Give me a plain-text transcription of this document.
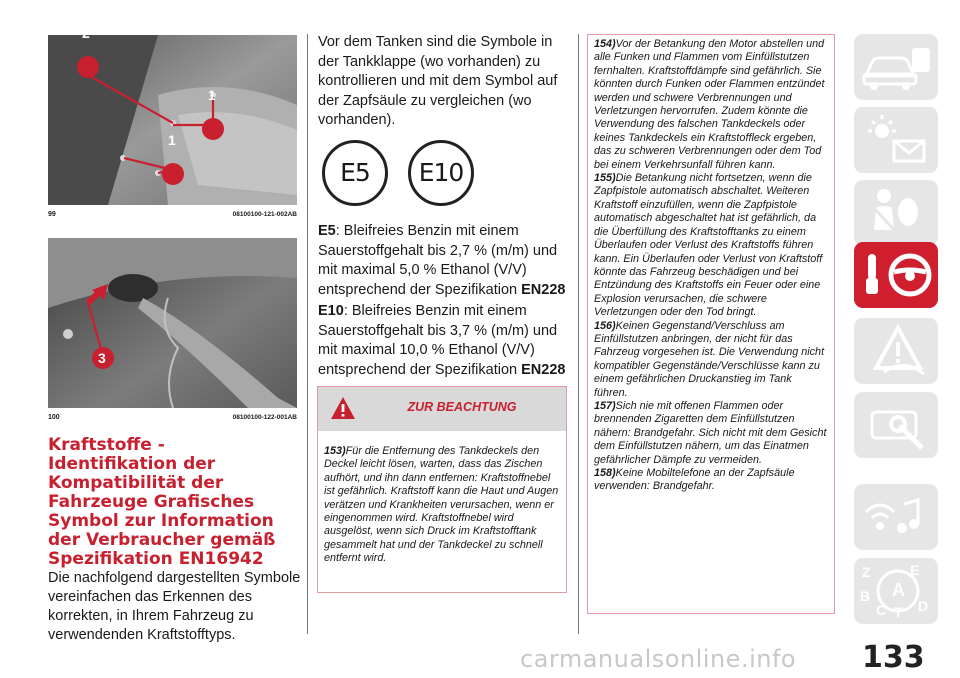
2
1
1
99	08100100-121-002AB
3
100	08100100-122-001AB
Kraftstoffe -
Identifikation der
Kompatibilität der
Fahrzeuge Grafisches
Symbol zur Information
der Verbraucher gemäß
Spezifikation EN16942

Die nachfolgend dargestellten Symbole vereinfachen das Erkennen des korrekten, in Ihrem Fahrzeug zu verwendenden Kraftstofftyps.

Vor dem Tanken sind die Symbole in der Tankklappe (wo vorhanden) zu kontrollieren und mit dem Symbol auf der Zapfsäule zu vergleichen (wo vorhanden).

E5	E10

E5: Bleifreies Benzin mit einem Sauerstoffgehalt bis 2,7 % (m/m) und mit maximal 5,0 % Ethanol (V/V) entsprechend der Spezifikation EN228

E10: Bleifreies Benzin mit einem Sauerstoffgehalt bis 3,7 % (m/m) und mit maximal 10,0 % Ethanol (V/V) entsprechend der Spezifikation EN228

ZUR BEACHTUNG

153)Für die Entfernung des Tankdeckels den Deckel leicht lösen, warten, dass das Zischen aufhört, und ihn dann entfernen: Kraftstoffnebel ist gefährlich. Kraftstoff kann die Haut und Augen verätzen und Krankheiten verursachen, wenn er eingenommen wird. Kraftstoffnebel wird ausgelöst, wenn sich Druck im Kraftstofftank gesammelt hat und der Tankdeckel zu schnell entfernt wird.

154)Vor der Betankung den Motor abstellen und alle Funken und Flammen vom Einfüllstutzen fernhalten. Kraftstoffdämpfe sind gefährlich. Sie könnten durch Funken oder Flammen entzündet werden und schwere Verbrennungen und Verletzungen hervorrufen. Zudem könnte die Verwendung des falschen Tankdeckels oder keines Tankdeckels ein Kraftstoffleck ergeben, das zu schweren Verbrennungen oder dem Tod bei einem Verkehrsunfall führen kann.

155)Die Betankung nicht fortsetzen, wenn die Zapfpistole automatisch abschaltet. Weiteren Kraftstoff einzufüllen, wenn die Zapfpistole automatisch abgeschaltet hat ist gefährlich, da die Überfüllung des Kraftstofftanks zu einem Überlaufen oder Verlust des Kraftstoffs führen kann. Ein Überlaufen oder Verlust von Kraftstoff könnte das Fahrzeug beschädigen und bei Entzündung des Kraftstoffs ein Feuer oder eine Explosion verursachen, die schwere Verletzungen oder den Tod bringt.

156)Keinen Gegenstand/Verschluss am Einfüllstutzen anbringen, der nicht für das Fahrzeug vorgesehen ist. Die Verwendung nicht kompatibler Gegenstände/Verschlüsse kann zu einem gefährlichen Druckanstieg im Tank führen.

157)Sich nie mit offenen Flammen oder brennenden Zigaretten dem Einfüllstutzen nähern: Brandgefahr. Sich nicht mit dem Gesicht dem Einfüllstutzen nähern, um das Einatmen gefährlicher Dämpfe zu vermeiden.

158)Keine Mobiltelefone an der Zapfsäule verwenden: Brandgefahr.

Z	E
A
B
C T D
carmanualsonline.info 133
